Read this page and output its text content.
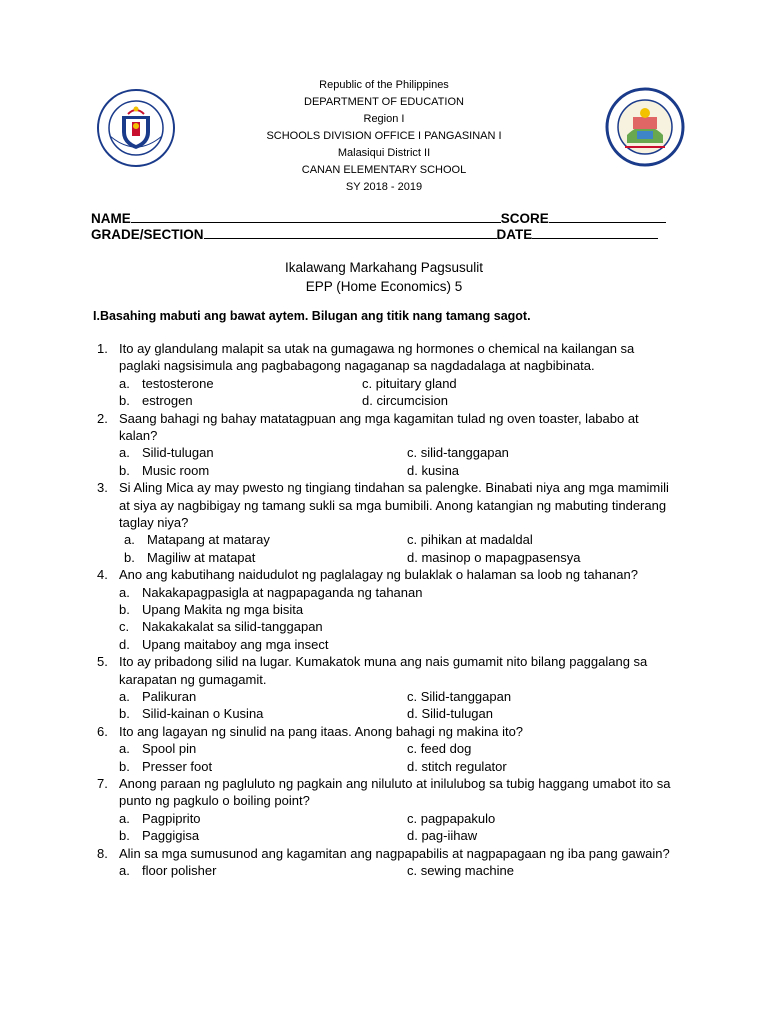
Republic of the Philippines
DEPARTMENT OF EDUCATION
Region I
SCHOOLS DIVISION OFFICE I PANGASINAN I
Malasiqui District II
CANAN ELEMENTARY SCHOOL
SY 2018 - 2019
NAME	SCORE
GRADE/SECTION	DATE
Ikalawang Markahang Pagsusulit
EPP (Home Economics) 5
I.Basahing mabuti ang bawat aytem. Bilugan ang titik nang tamang sagot.
1. Ito ay glandulang malapit sa utak na gumagawa ng hormones o chemical na kailangan sa paglaki nagsisimula ang pagbabagong nagaganap sa nagdadalaga at nagbibinata.
a. testosterone	c. pituitary gland
b. estrogen	d. circumcision
2. Saang bahagi ng bahay matatagpuan ang mga kagamitan tulad ng oven toaster, lababo at kalan?
a. Silid-tulugan	c. silid-tanggapan
b. Music room	d. kusina
3. Si Aling Mica ay may pwesto ng tingiang tindahan sa palengke. Binabati niya ang mga mamimili at siya ay nagbibigay ng tamang sukli sa mga bumibili. Anong katangian ng mabuting tinderang taglay niya?
a. Matapang at mataray	c. pihikan at madaldal
b. Magiliw at matapat	d. masinop o mapagpasensya
4. Ano ang kabutihang naidudulot ng paglalagay ng bulaklak o halaman sa loob ng tahanan?
a. Nakakapagpasigla at nagpapaganda ng tahanan
b. Upang Makita ng mga bisita
c. Nakakakalat sa silid-tanggapan
d. Upang maitaboy ang mga insect
5. Ito ay pribadong silid na lugar. Kumakatok muna ang nais gumamit nito bilang paggalang sa karapatan ng gumagamit.
a. Palikuran	c. Silid-tanggapan
b. Silid-kainan o Kusina	d. Silid-tulugan
6. Ito ang lagayan ng sinulid na pang itaas. Anong bahagi ng makina ito?
a. Spool pin	c. feed dog
b. Presser foot	d. stitch regulator
7. Anong paraan ng pagluluto ng pagkain ang niluluto at inilulubog sa tubig haggang umabot ito sa punto ng pagkulo o boiling point?
a. Pagpiprito	c. pagpapakulo
b. Paggigisa	d. pag-iihaw
8. Alin sa mga sumusunod ang kagamitan ang nagpapabilis at nagpapagaan ng iba pang gawain?
a. floor polisher	c. sewing machine
